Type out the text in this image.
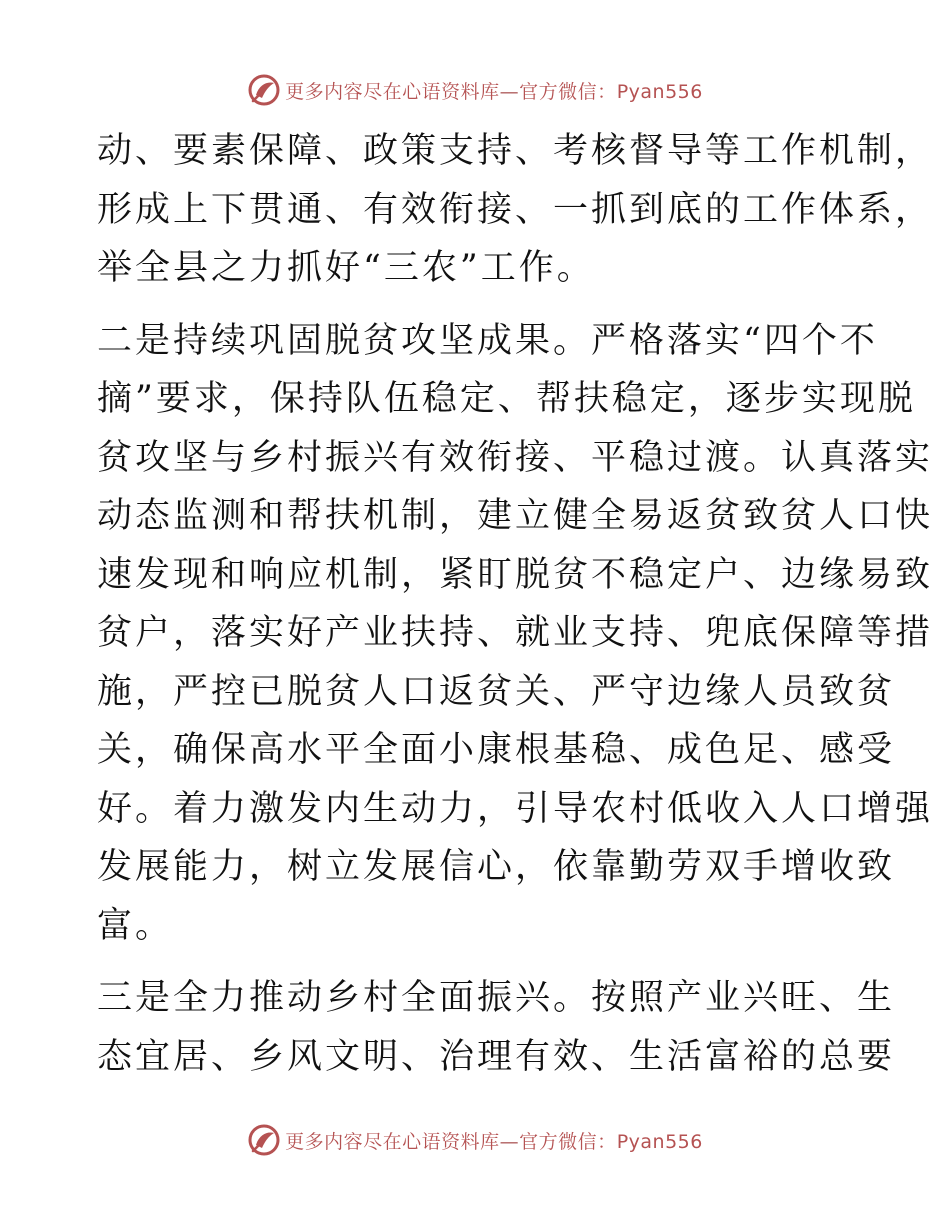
更多内容尽在心语资料库—官方微信：Pyan556
动、要素保障、政策支持、考核督导等工作机制，
形成上下贯通、有效衔接、一抓到底的工作体系，
举全县之力抓好“三农”工作。
二是持续巩固脱贫攻坚成果。严格落实“四个不
摘”要求，保持队伍稳定、帮扶稳定，逐步实现脱
贫攻坚与乡村振兴有效衔接、平稳过渡。认真落实
动态监测和帮扶机制，建立健全易返贫致贫人口快
速发现和响应机制，紧盯脱贫不稳定户、边缘易致
贫户，落实好产业扶持、就业支持、兜底保障等措
施，严控已脱贫人口返贫关、严守边缘人员致贫
关，确保高水平全面小康根基稳、成色足、感受
好。着力激发内生动力，引导农村低收入人口增强
发展能力，树立发展信心，依靠勤劳双手增收致
富。
三是全力推动乡村全面振兴。按照产业兴旺、生
态宜居、乡风文明、治理有效、生活富裕的总要
更多内容尽在心语资料库—官方微信：Pyan556
